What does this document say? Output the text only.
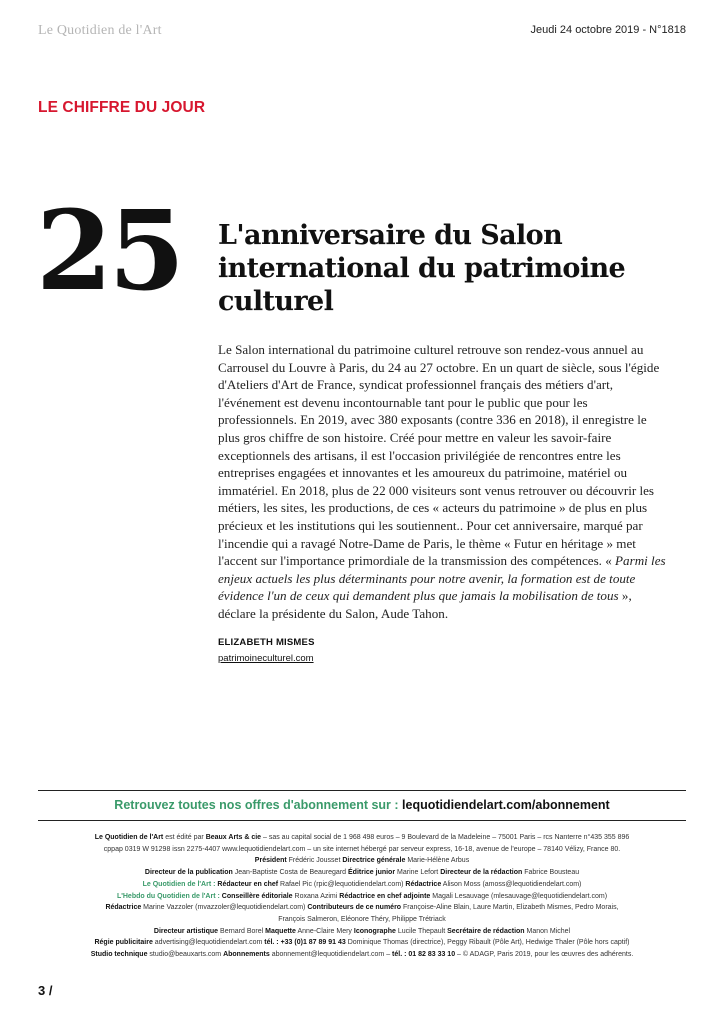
Le Quotidien de l'Art	Jeudi 24 octobre 2019 - N°1818
LE CHIFFRE DU JOUR
25 L'anniversaire du Salon international du patrimoine culturel
Le Salon international du patrimoine culturel retrouve son rendez-vous annuel au Carrousel du Louvre à Paris, du 24 au 27 octobre. En un quart de siècle, sous l'égide d'Ateliers d'Art de France, syndicat professionnel français des métiers d'art, l'événement est devenu incontournable tant pour le public que pour les professionnels. En 2019, avec 380 exposants (contre 336 en 2018), il enregistre le plus gros chiffre de son histoire. Créé pour mettre en valeur les savoir-faire exceptionnels des artisans, il est l'occasion privilégiée de rencontres entre les entreprises engagées et innovantes et les amoureux du patrimoine, matériel ou immatériel. En 2018, plus de 22 000 visiteurs sont venus retrouver ou découvrir les métiers, les sites, les productions, de ces « acteurs du patrimoine » de plus en plus précieux et les institutions qui les soutiennent.. Pour cet anniversaire, marqué par l'incendie qui a ravagé Notre-Dame de Paris, le thème « Futur en héritage » met l'accent sur l'importance primordiale de la transmission des compétences. « Parmi les enjeux actuels les plus déterminants pour notre avenir, la formation est de toute évidence l'un de ceux qui demandent plus que jamais la mobilisation de tous », déclare la présidente du Salon, Aude Tahon.
ELIZABETH MISMES
patrimoineculturel.com
Retrouvez toutes nos offres d'abonnement sur : lequotidiendelart.com/abonnement
Le Quotidien de l'Art est édité par Beaux Arts & cie – sas au capital social de 1 968 498 euros – 9 Boulevard de la Madeleine – 75001 Paris – rcs Nanterre n°435 355 896
cppap 0319 W 91298 issn 2275-4407 www.lequotidiendelart.com – un site internet hébergé par serveur express, 16-18, avenue de l'europe – 78140 Vélizy, France 80.
Président Frédéric Jousset Directrice générale Marie-Hélène Arbus
Directeur de la publication Jean-Baptiste Costa de Beauregard Éditrice junior Marine Lefort Directeur de la rédaction Fabrice Bousteau
Le Quotidien de l'Art : Rédacteur en chef Rafael Pic (rpic@lequotidiendelart.com) Rédactrice Alison Moss (amoss@lequotidiendelart.com)
L'Hebdo du Quotidien de l'Art : Conseillère éditoriale Roxana Azimi Rédactrice en chef adjointe Magali Lesauvage (mlesauvage@lequotidiendelart.com)
Rédactrice Marine Vazzoler (mvazzoler@lequotidiendelart.com) Contributeurs de ce numéro Françoise-Aline Blain, Laure Martin, Elizabeth Mismes, Pedro Morais,
François Salmeron, Eléonore Théry, Philippe Trétriack
Directeur artistique Bernard Borel Maquette Anne-Claire Mery Iconographe Lucile Thepault Secrétaire de rédaction Manon Michel
Régie publicitaire advertising@lequotidiendelart.com tél. : +33 (0)1 87 89 91 43 Dominique Thomas (directrice), Peggy Ribault (Pôle Art), Hedwige Thaler (Pôle hors captif)
Studio technique studio@beauxarts.com Abonnements abonnement@lequotidiendelart.com – tél. : 01 82 83 33 10 – © ADAGP, Paris 2019, pour les œuvres des adhérents.
3 /
